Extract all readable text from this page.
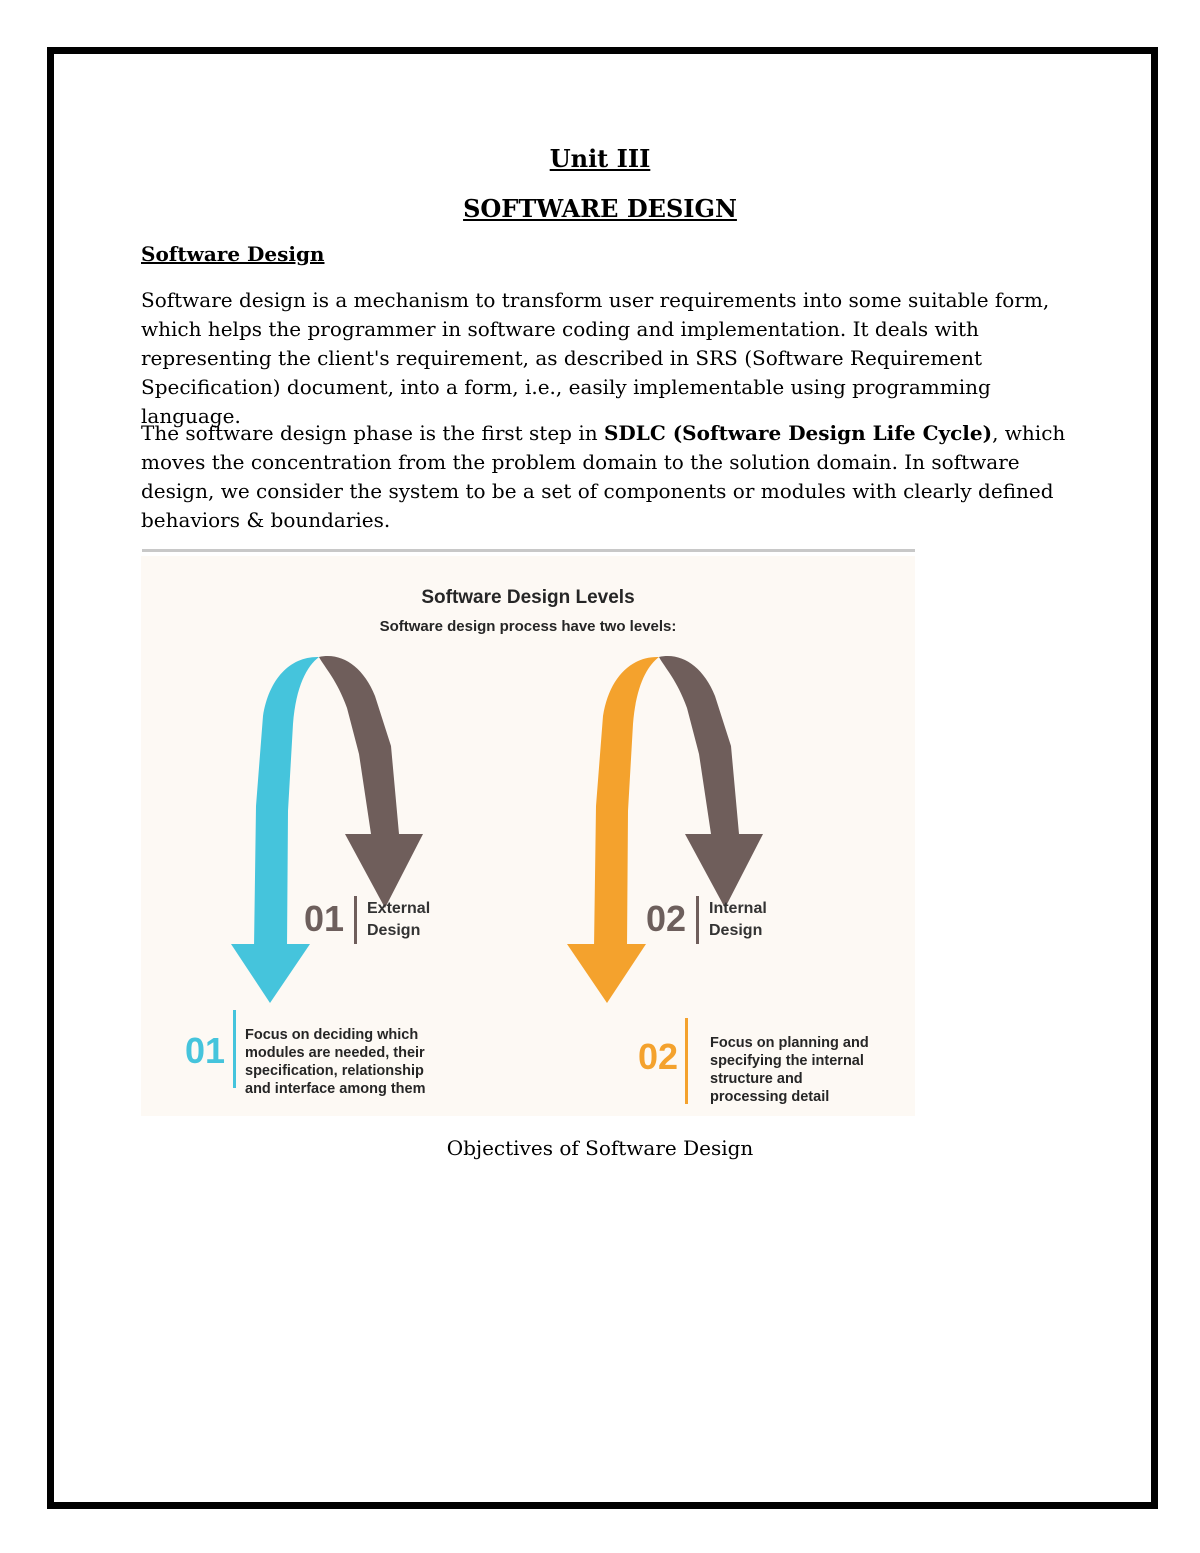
Unit III
SOFTWARE DESIGN
Software Design
Software design is a mechanism to transform user requirements into some suitable form, which helps the programmer in software coding and implementation. It deals with representing the client's requirement, as described in SRS (Software Requirement Specification) document, into a form, i.e., easily implementable using programming language.
The software design phase is the first step in SDLC (Software Design Life Cycle), which moves the concentration from the problem domain to the solution domain. In software design, we consider the system to be a set of components or modules with clearly defined behaviors & boundaries.
Software Design Levels
Software design process have two levels:
01 External
Design	02 Internal
Design
01 Focus on deciding which
modules are needed, their
specification, relationship
and interface among them
02 Focus on planning and
specifying the internal
structure and
processing detail
Objectives of Software Design
